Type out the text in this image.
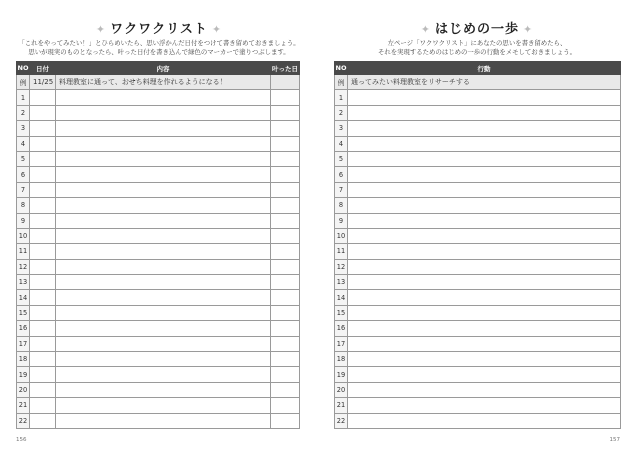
✦ ワクワクリスト ✦
「これをやってみたい！」とひらめいたら、思い浮かんだ日付をつけて書き留めておきましょう。
思いが現実のものとなったら、叶った日付を書き込んで緑色のマーカーで塗りつぶします。
NO	日付	内容	叶った日
例	11/25	料理教室に通って、おせち料理を作れるようになる！	
1			
2			
3			
4			
5			
6			
7			
8			
9			
10			
11			
12			
13			
14			
15			
16			
17			
18			
19			
20			
21			
22			
156
✦ はじめの一歩 ✦
左ページ「ワクワクリスト」にあなたの思いを書き留めたら、
それを実現するためのはじめの一歩の行動をメモしておきましょう。
NO	行動
例	通ってみたい料理教室をリサーチする
1	
2	
3	
4	
5	
6	
7	
8	
9	
10	
11	
12	
13	
14	
15	
16	
17	
18	
19	
20	
21	
22	
157
